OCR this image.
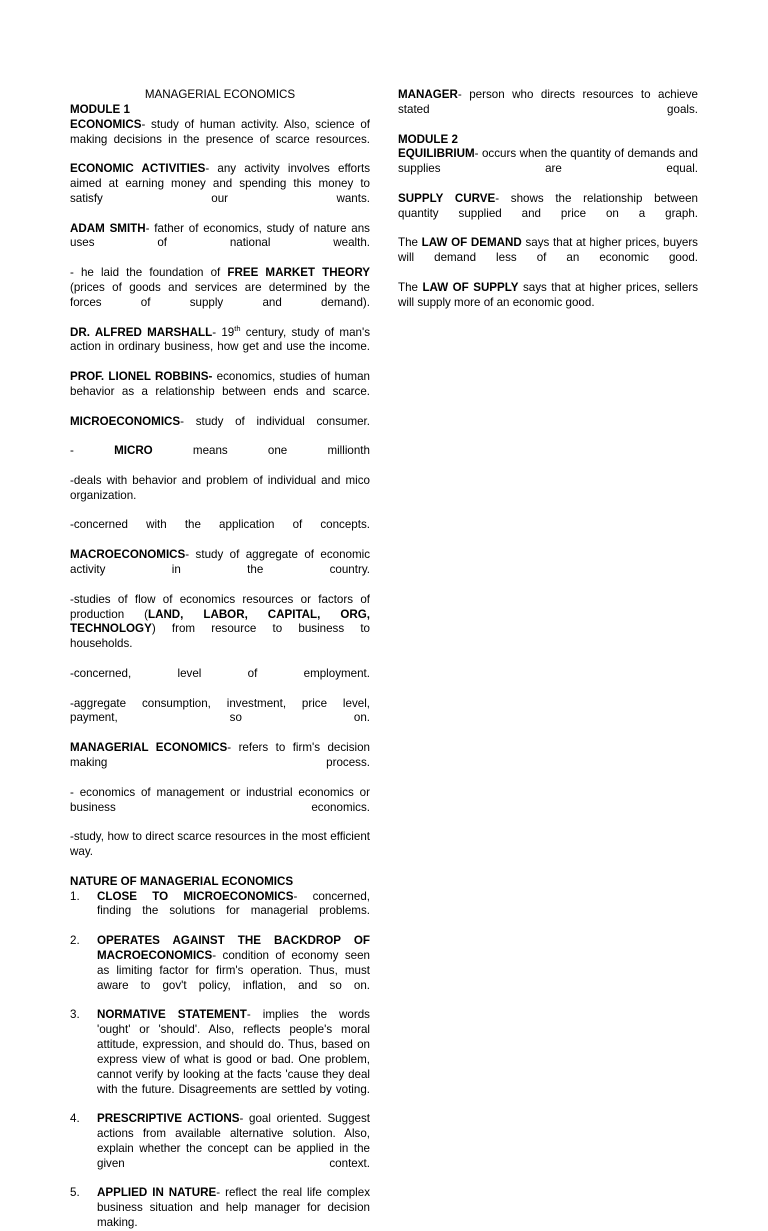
MANAGERIAL ECONOMICS
MODULE 1
ECONOMICS- study of human activity. Also, science of making decisions in the presence of scarce resources.
ECONOMIC ACTIVITIES- any activity involves efforts aimed at earning money and spending this money to satisfy our wants.
ADAM SMITH- father of economics, study of nature ans uses of national wealth.
- he laid the foundation of FREE MARKET THEORY (prices of goods and services are determined by the forces of	supply and demand).
DR. ALFRED MARSHALL- 19th century, study of man's action in ordinary business, how get and use the income.
PROF. LIONEL ROBBINS- economics, studies of human behavior as a relationship between ends and scarce.
MICROECONOMICS- study of individual consumer.
- MICRO means one millionth
-deals with behavior and problem of individual and mico organization.
-concerned with the application of concepts.
MACROECONOMICS- study of aggregate of economic activity in the country.
-studies of flow of economics resources or factors of
production (LAND, LABOR, CAPITAL, ORG,
TECHNOLOGY) from resource to business to households.
-concerned, level of employment.
-aggregate consumption, investment, price level, payment, so on.
MANAGERIAL ECONOMICS- refers to firm's decision making process.
- economics of management or industrial economics or business economics.
-study, how to direct scarce resources in the most efficient way.
NATURE OF MANAGERIAL ECONOMICS
1.	CLOSE TO MICROECONOMICS- concerned, finding the solutions for managerial problems.
2.	OPERATES AGAINST THE BACKDROP OF
MACROECONOMICS- condition of economy seen as limiting factor for firm's operation. Thus, must aware to gov't policy, inflation, and so on.
3.	NORMATIVE STATEMENT- implies the words 'ought' or 'should'. Also, reflects people's moral attitude, expression, and should do. Thus, based on express view of what is good or bad. One problem, cannot verify by looking at the facts 'cause they deal with the future. Disagreements are settled by voting.
4.	PRESCRIPTIVE ACTIONS- goal oriented. Suggest actions from available alternative solution. Also, explain whether the concept can be applied in the given context.
5.	APPLIED IN NATURE- reflect the real life complex business situation and help manager for decision making.
MANAGER- person who directs resources to achieve stated goals.
MODULE 2
EQUILIBRIUM- occurs when the quantity of demands and supplies are equal.
SUPPLY CURVE- shows the relationship between quantity supplied and price on a graph.
The LAW OF DEMAND says that at higher prices, buyers will demand less of an economic good.
The LAW OF SUPPLY says that at higher prices, sellers will supply more of an economic good.
